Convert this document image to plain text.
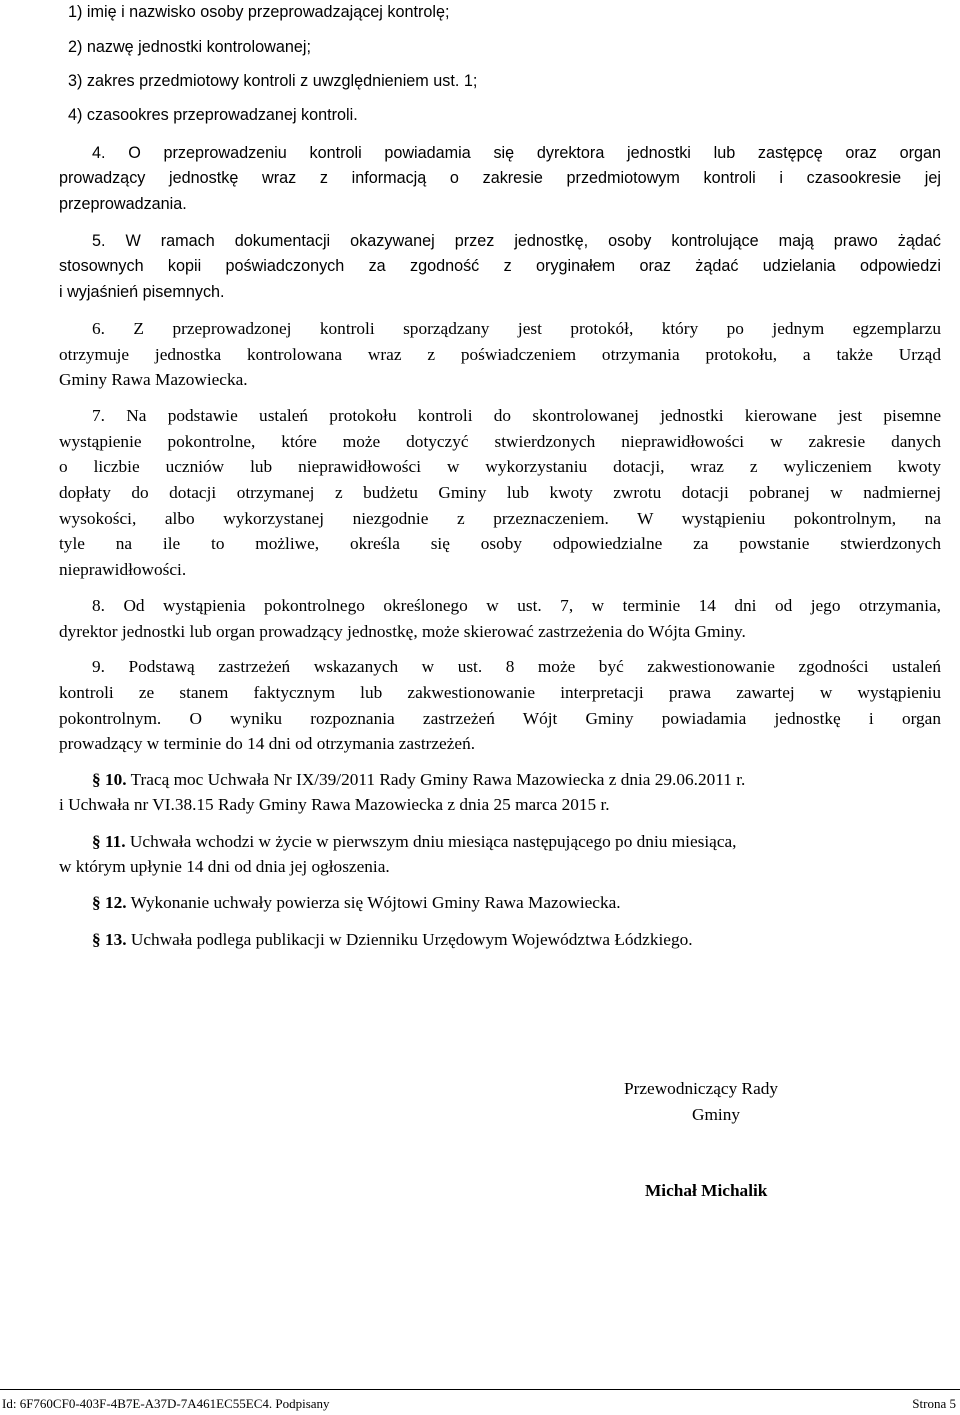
1) imię i nazwisko osoby przeprowadzającej kontrolę;
2) nazwę jednostki kontrolowanej;
3) zakres przedmiotowy kontroli z uwzględnieniem ust. 1;
4) czasookres przeprowadzanej kontroli.
4. O przeprowadzeniu kontroli powiadamia się dyrektora jednostki lub zastępcę oraz organ
prowadzący jednostkę wraz z informacją o zakresie przedmiotowym kontroli i czasookresie jej
przeprowadzania.
5. W ramach dokumentacji okazywanej przez jednostkę, osoby kontrolujące mają prawo żądać
stosownych kopii poświadczonych za zgodność z oryginałem oraz żądać udzielania odpowiedzi
i wyjaśnień pisemnych.
6. Z przeprowadzonej kontroli sporządzany jest protokół, który po jednym egzemplarzu
otrzymuje jednostka kontrolowana wraz z poświadczeniem otrzymania protokołu, a także Urząd
Gminy Rawa Mazowiecka.
7. Na podstawie ustaleń protokołu kontroli do skontrolowanej jednostki kierowane jest pisemne
wystąpienie pokontrolne, które może dotyczyć stwierdzonych nieprawidłowości w zakresie danych
o liczbie uczniów lub nieprawidłowości w wykorzystaniu dotacji, wraz z wyliczeniem kwoty
dopłaty do dotacji otrzymanej z budżetu Gminy lub kwoty zwrotu dotacji pobranej w nadmiernej
wysokości, albo wykorzystanej niezgodnie z przeznaczeniem. W wystąpieniu pokontrolnym, na
tyle na ile to możliwe, określa się osoby odpowiedzialne za powstanie stwierdzonych
nieprawidłowości.
8. Od wystąpienia pokontrolnego określonego w ust. 7, w terminie 14 dni od jego otrzymania,
dyrektor jednostki lub organ prowadzący jednostkę, może skierować zastrzeżenia do Wójta Gminy.
9. Podstawą zastrzeżeń wskazanych w ust. 8 może być zakwestionowanie zgodności ustaleń
kontroli ze stanem faktycznym lub zakwestionowanie interpretacji prawa zawartej w wystąpieniu
pokontrolnym. O wyniku rozpoznania zastrzeżeń Wójt Gminy powiadamia jednostkę i organ
prowadzący w terminie do 14 dni od otrzymania zastrzeżeń.
§ 10. Tracą moc Uchwała Nr IX/39/2011 Rady Gminy Rawa Mazowiecka z dnia 29.06.2011 r.
i Uchwała nr VI.38.15 Rady Gminy Rawa Mazowiecka z dnia 25 marca 2015 r.
§ 11. Uchwała wchodzi w życie w pierwszym dniu miesiąca następującego po dniu miesiąca,
w którym upłynie 14 dni od dnia jej ogłoszenia.
§ 12. Wykonanie uchwały powierza się Wójtowi Gminy Rawa Mazowiecka.
§ 13. Uchwała podlega publikacji w Dzienniku Urzędowym Województwa Łódzkiego.
Przewodniczący Rady
Gminy
Michał Michalik
Id: 6F760CF0-403F-4B7E-A37D-7A461EC55EC4. Podpisany	Strona 5
